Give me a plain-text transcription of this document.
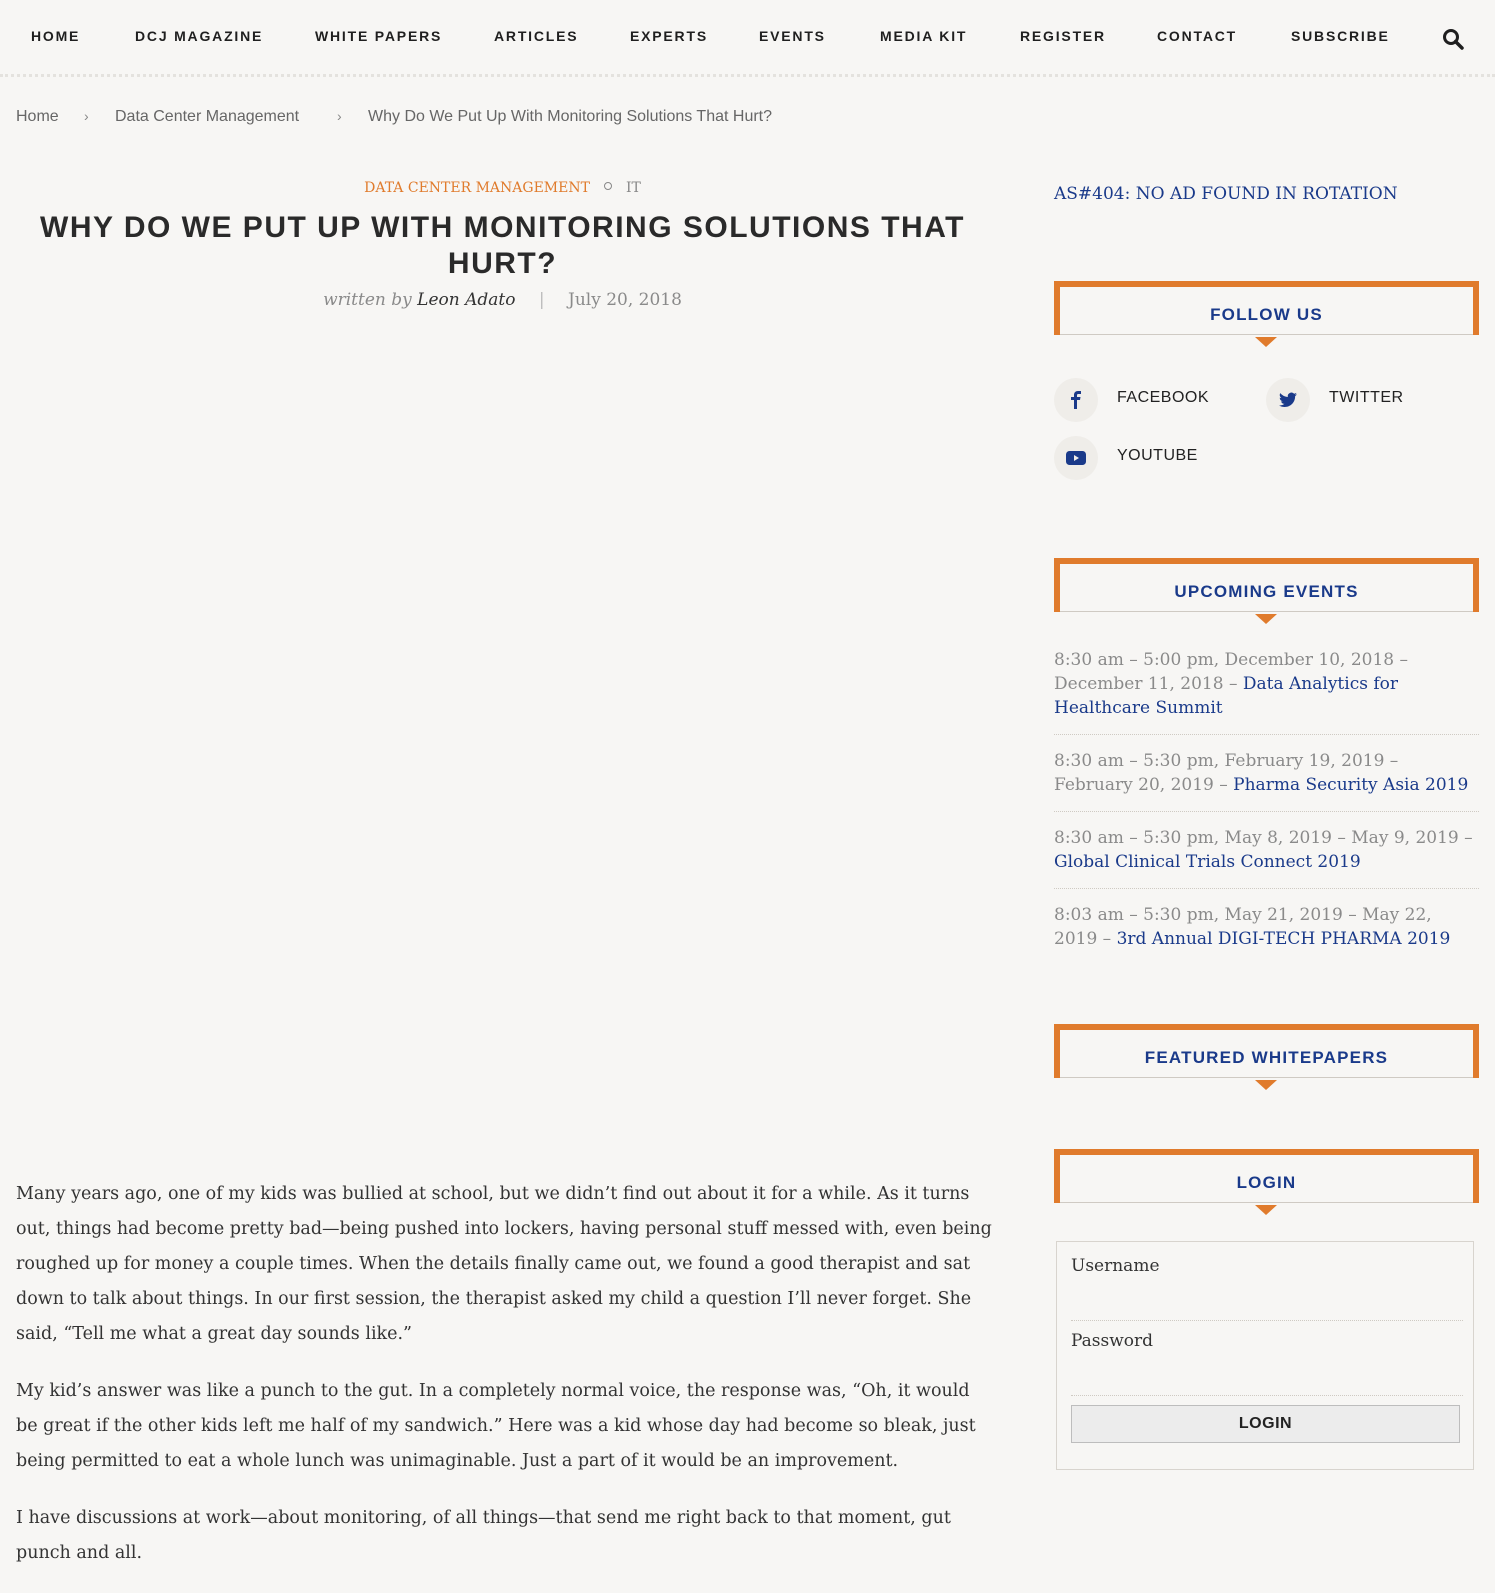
HOME	DCJ MAGAZINE	WHITE PAPERS	ARTICLES	EXPERTS	EVENTS	MEDIA KIT	REGISTER	CONTACT	SUBSCRIBE
Home › Data Center Management	› Why Do We Put Up With Monitoring Solutions That Hurt?
DATA CENTER MANAGEMENT	IT
WHY DO WE PUT UP WITH MONITORING SOLUTIONS THAT HURT?
written by Leon Adato | July 20, 2018

Many years ago, one of my kids was bullied at school, but we didn’t find out about it for a while. As it turns out, things had become pretty bad—being pushed into lockers, having personal stuff messed with, even being roughed up for money a couple times. When the details finally came out, we found a good therapist and sat down to talk about things. In our first session, the therapist asked my child a question I’ll never forget. She said, “Tell me what a great day sounds like.”

My kid’s answer was like a punch to the gut. In a completely normal voice, the response was, “Oh, it would be great if the other kids left me half of my sandwich.” Here was a kid whose day had become so bleak, just being permitted to eat a whole lunch was unimaginable. Just a part of it would be an improvement.

I have discussions at work—about monitoring, of all things—that send me right back to that moment, gut punch and all.

AS#404: NO AD FOUND IN ROTATION
FOLLOW US
FACEBOOK	TWITTER
YOUTUBE
UPCOMING EVENTS
8:30 am – 5:00 pm, December 10, 2018 – December 11, 2018 – Data Analytics for Healthcare Summit
8:30 am – 5:30 pm, February 19, 2019 – February 20, 2019 – Pharma Security Asia 2019
8:30 am – 5:30 pm, May 8, 2019 – May 9, 2019 – Global Clinical Trials Connect 2019
8:03 am – 5:30 pm, May 21, 2019 – May 22, 2019 – 3rd Annual DIGI-TECH PHARMA 2019
FEATURED WHITEPAPERS
LOGIN
Username
Password
LOGIN
